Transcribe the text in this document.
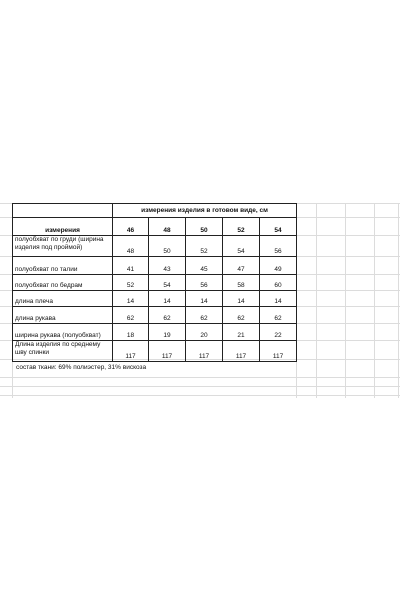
	измерения изделия в готовом виде, см				
измерения	46	48	50	52	54
полуобхват по груди (ширина изделия под проймой)	48	50	52	54	56
полуобхват по талии	41	43	45	47	49
полуобхват по бедрам	52	54	56	58	60
длина плеча	14	14	14	14	14
длина рукава	62	62	62	62	62
ширина рукава (полуобхват)	18	19	20	21	22
Длина изделия по среднему шву спинки	117	117	117	117	117
состав ткани: 69% полиэстер, 31% вискоза
